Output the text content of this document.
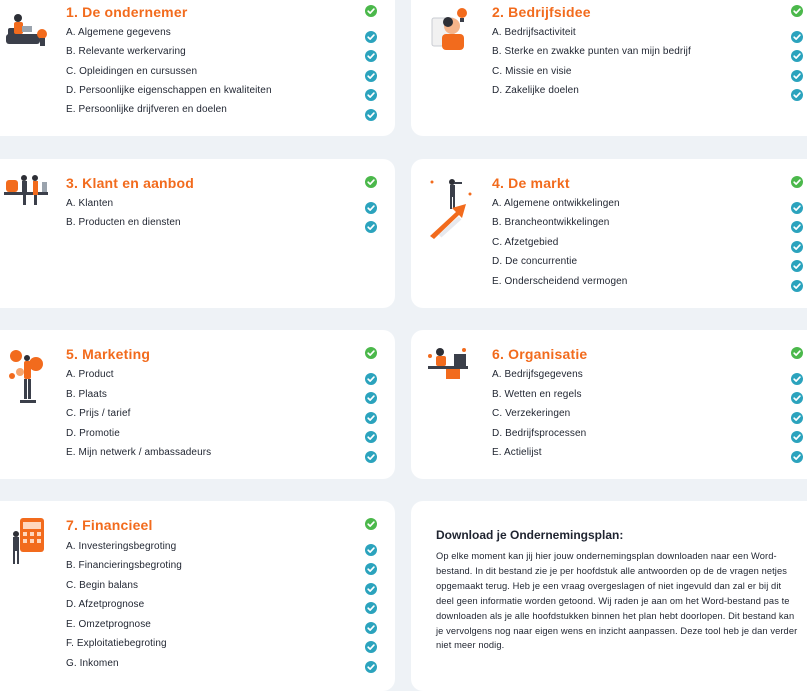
1. De ondernemer	2. Bedrijfsidee
3. Klant en aanbod	4. De markt
5. Marketing	6. Organisatie
7. Financieel
A. Algemene gegevens
B. Relevante werkervaring
C. Opleidingen en cursussen
D. Persoonlijke eigenschappen en kwaliteiten
E. Persoonlijke drijfveren en doelen
A. Bedrijfsactiviteit
B. Sterke en zwakke punten van mijn bedrijf
C. Missie en visie
D. Zakelijke doelen
A. Klanten
B. Producten en diensten
A. Algemene ontwikkelingen
B. Brancheontwikkelingen
C. Afzetgebied
D. De concurrentie
E. Onderscheidend vermogen
A. Product
B. Plaats
C. Prijs / tarief
D. Promotie
E. Mijn netwerk / ambassadeurs
A. Bedrijfsgegevens
B. Wetten en regels
C. Verzekeringen
D. Bedrijfsprocessen
E. Actielijst
A. Investeringsbegroting
B. Financieringsbegroting
C. Begin balans
D. Afzetprognose
E. Omzetprognose
F. Exploitatiebegroting
G. Inkomen
Download je Ondernemingsplan:
Op elke moment kan jij hier jouw ondernemingsplan downloaden naar een Word-bestand. In dit bestand zie je per hoofdstuk alle antwoorden op de de vragen netjes opgemaakt terug. Heb je een vraag overgeslagen of niet ingevuld dan zal er bij dit deel geen informatie worden getoond. Wij raden je aan om het Word-bestand pas te downloaden als je alle hoofdstukken binnen het plan hebt doorlopen. Dit bestand kan je vervolgens nog naar eigen wens en inzicht aanpassen. Deze tool heb je dan verder niet meer nodig.
